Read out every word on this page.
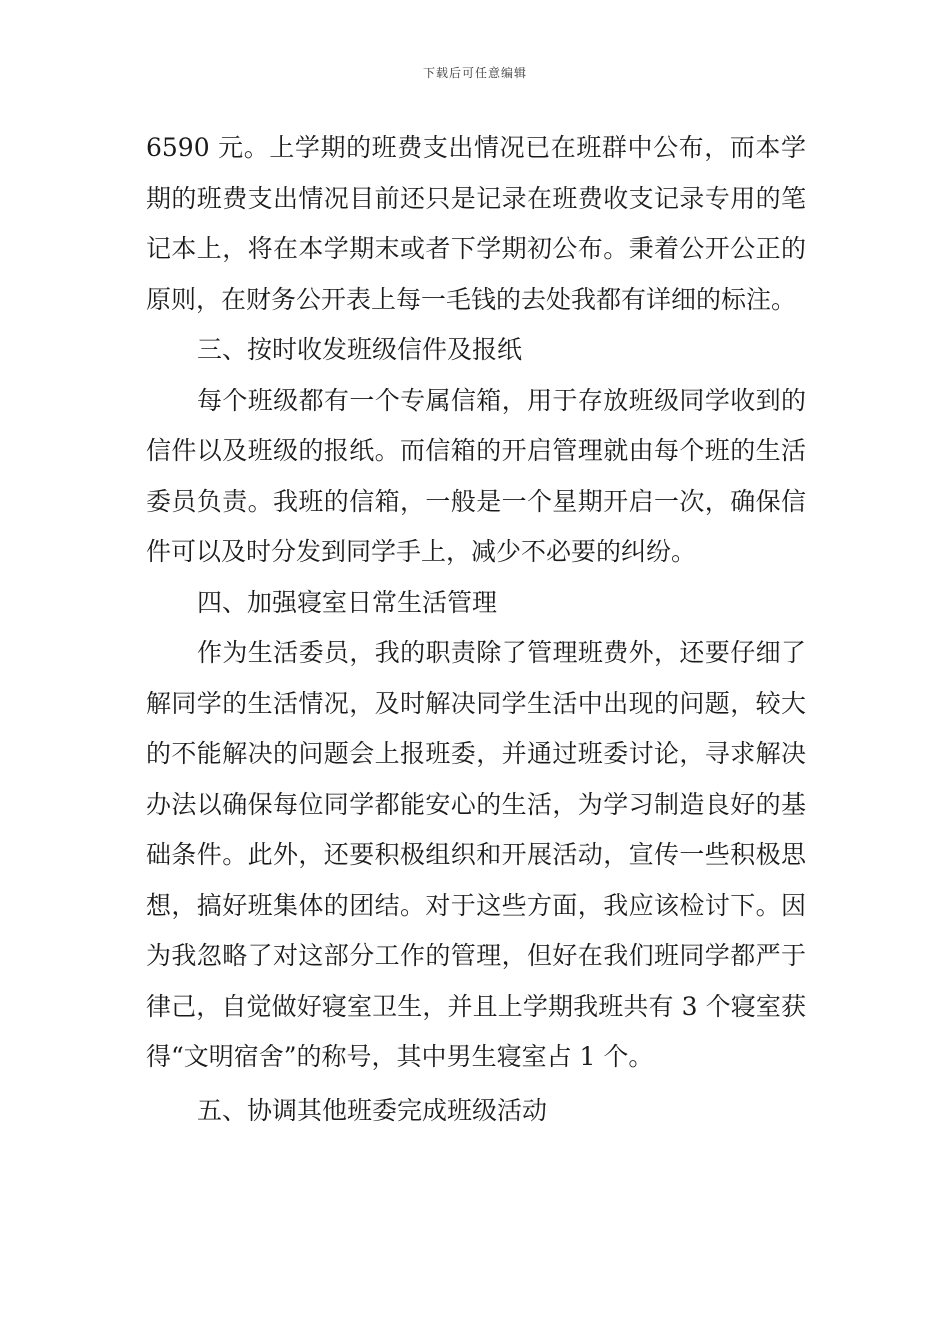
下载后可任意编辑

6590 元。上学期的班费支出情况已在班群中公布，而本学期的班费支出情况目前还只是记录在班费收支记录专用的笔记本上，将在本学期末或者下学期初公布。秉着公开公正的原则，在财务公开表上每一毛钱的去处我都有详细的标注。

三、按时收发班级信件及报纸

每个班级都有一个专属信箱，用于存放班级同学收到的信件以及班级的报纸。而信箱的开启管理就由每个班的生活委员负责。我班的信箱，一般是一个星期开启一次，确保信件可以及时分发到同学手上，减少不必要的纠纷。

四、加强寝室日常生活管理

作为生活委员，我的职责除了管理班费外，还要仔细了解同学的生活情况，及时解决同学生活中出现的问题，较大的不能解决的问题会上报班委，并通过班委讨论，寻求解决办法以确保每位同学都能安心的生活，为学习制造良好的基础条件。此外，还要积极组织和开展活动，宣传一些积极思想，搞好班集体的团结。对于这些方面，我应该检讨下。因为我忽略了对这部分工作的管理，但好在我们班同学都严于律己，自觉做好寝室卫生，并且上学期我班共有 3 个寝室获得“文明宿舍”的称号，其中男生寝室占 1 个。

五、协调其他班委完成班级活动
